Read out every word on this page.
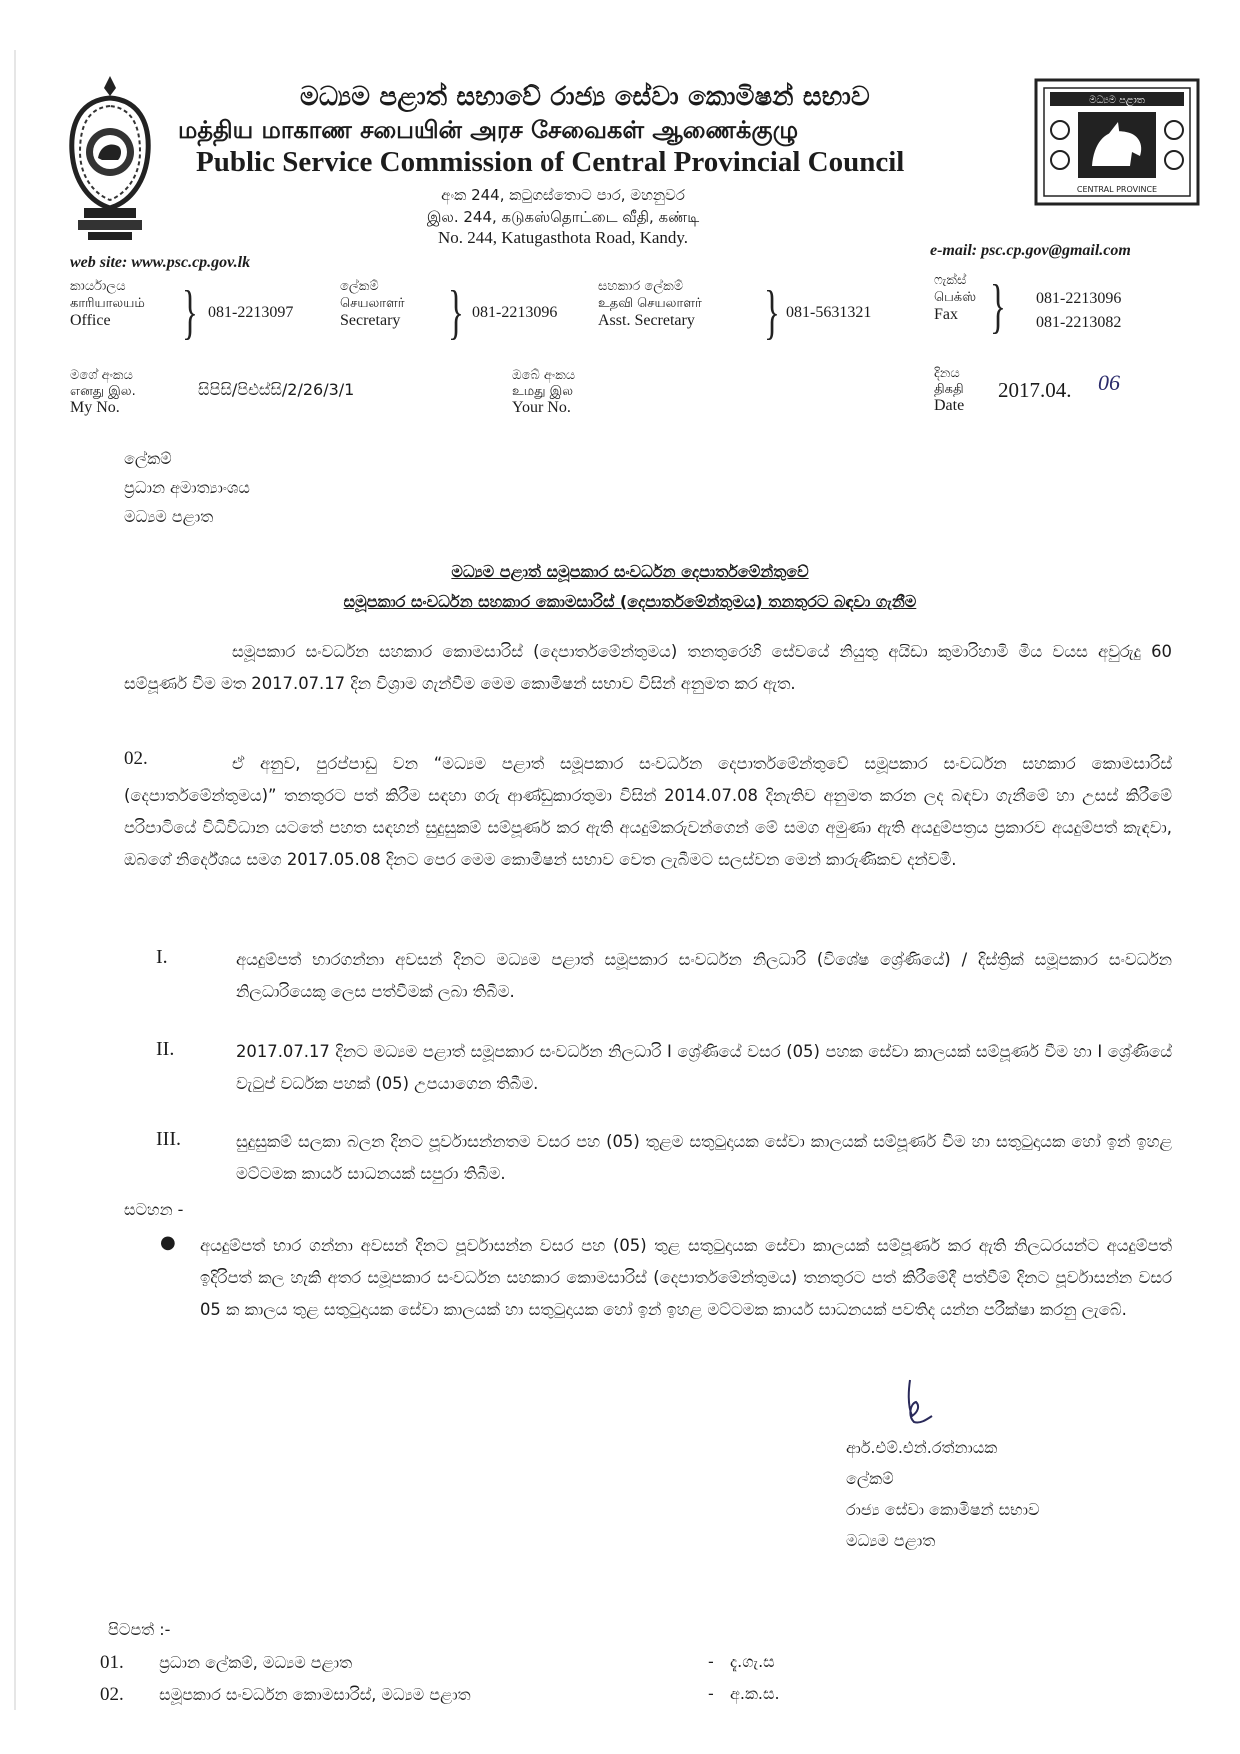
මධ්‍යම පළාත් සභාවේ රාජ්‍ය සේවා කොමිෂන් සභාව
மத்திய மாகாண சபையின் அரச சேவைகள் ஆணைக்குழு
Public Service Commission of Central Provincial Council
අංක 244, කටුගස්තොට පාර, මහනුවර
இல. 244, கடுகஸ்தொட்டை வீதி, கண்டி
No. 244, Katugasthota Road, Kandy.
මධ්‍යම පළාත
CENTRAL PROVINCE
web site: www.psc.cp.gov.lk
e-mail: psc.cp.gov@gmail.com
කාර්යාලය
காரியாலயம்
Office	} 081-2213097
ලේකම්
செயலாளர்
Secretary } 081-2213096
සහකාර ලේකම්
உதவி செயலாளர்
Asst. Secretary } 081-5631321
ෆැක්ස්
பெக்ஸ்
Fax } 081-2213096
081-2213082
මගේ අංකය
எனது இல.
My No.
සිපිසි/පිඑස්සි/2/26/3/1
ඔබේ අංකය
உமது இல
Your No.
දිනය
திகதி
Date
2017.04. 06
ලේකම්
ප්‍රධාන අමාත්‍යාංශය
මධ්‍යම පළාත
මධ්‍යම පළාත් සමූපකාර සංවර්ධන දෙපාර්තමේන්තුවේ
සමූපකාර සංවර්ධන සහකාර කොමසාරිස් (දෙපාර්තමේන්තුමය) තනතුරට බඳවා ගැනීම
සමූපකාර සංවර්ධන සහකාර කොමසාරිස් (දෙපාර්තමේන්තුමය) තනතුරෙහි සේවයේ නියුතු අයිඩා කුමාරිහාමි මිය වයස අවුරුදු 60 සම්පූර්ණ වීම මත 2017.07.17 දින විශ්‍රාම ගැන්වීම මෙම කොමිෂන් සභාව විසින් අනුමත කර ඇත.
02.	ඒ අනුව, පුරප්පාඩු වන “මධ්‍යම පළාත් සමූපකාර සංවර්ධන දෙපාර්තමේන්තුවේ සමූපකාර සංවර්ධන සහකාර කොමසාරිස් (දෙපාර්තමේන්තුමය)” තනතුරට පත් කිරීම සඳහා ගරු ආණ්ඩුකාරතුමා විසින් 2014.07.08 දිනැතිව අනුමත කරන ලද බඳවා ගැනීමේ හා උසස් කිරීමේ පරිපාටියේ විධිවිධාන යටතේ පහත සඳහන් සුදුසුකම් සම්පූර්ණ කර ඇති අයදුම්කරුවන්ගෙන් මේ සමග අමුණා ඇති අයදුම්පත්‍රය ප්‍රකාරව අයදුම්පත් කැඳවා, ඔබගේ නිර්දේශය සමග 2017.05.08 දිනට පෙර මෙම කොමිෂන් සභාව වෙත ලැබීමට සලස්වන මෙන් කාරුණිකව දන්වමි.
I.	අයදුම්පත් භාරගන්නා අවසන් දිනට මධ්‍යම පළාත් සමූපකාර සංවර්ධන නිලධාරි (විශේෂ ශ්‍රේණියේ) / දිස්ත්‍රික් සමූපකාර සංවර්ධන නිලධාරියෙකු ලෙස පත්වීමක් ලබා තිබීම.
II.	2017.07.17 දිනට මධ්‍යම පළාත් සමූපකාර සංවර්ධන නිලධාරි I ශ්‍රේණියේ වසර (05) පහක සේවා කාලයක් සම්පූර්ණ වීම හා I ශ්‍රේණියේ වැටුප් වර්ධක පහක් (05) උපයාගෙන තිබීම.
III.	සුදුසුකම් සලකා බලන දිනට පූර්වාසන්නතම වසර පහ (05) තුළම සතුටුදායක සේවා කාලයක් සම්පූර්ණ වීම හා සතුටුදායක හෝ ඉන් ඉහළ මට්ටමක කාර්ය සාධනයක් සපුරා තිබීම.
සටහන -
● අයදුම්පත් භාර ගන්නා අවසන් දිනට පූර්වාසන්න වසර පහ (05) තුළ සතුටුදායක සේවා කාලයක් සම්පූර්ණ කර ඇති නිලධරයන්ට අයදුම්පත් ඉදිරිපත් කල හැකි අතර සමූපකාර සංවර්ධන සහකාර කොමසාරිස් (දෙපාර්තමේන්තුමය) තනතුරට පත් කිරීමේදී පත්වීම් දිනට පූර්වාසන්න වසර 05 ක කාලය තුළ සතුටුදායක සේවා කාලයක් හා සතුටුදායක හෝ ඉන් ඉහළ මට්ටමක කාර්ය සාධනයක් පවතිද යන්න පරීක්ෂා කරනු ලැබේ.
ආර්.එම්.එන්.රත්නායක
ලේකම්
රාජ්‍ය සේවා කොමිෂන් සභාව
මධ්‍යම පළාත
පිටපත් :-
01. ප්‍රධාන ලේකම්, මධ්‍යම පළාත	- දැ.ගැ.ස
02. සමූපකාර සංවර්ධන කොමසාරිස්, මධ්‍යම පළාත	- අ.ක.ස.
